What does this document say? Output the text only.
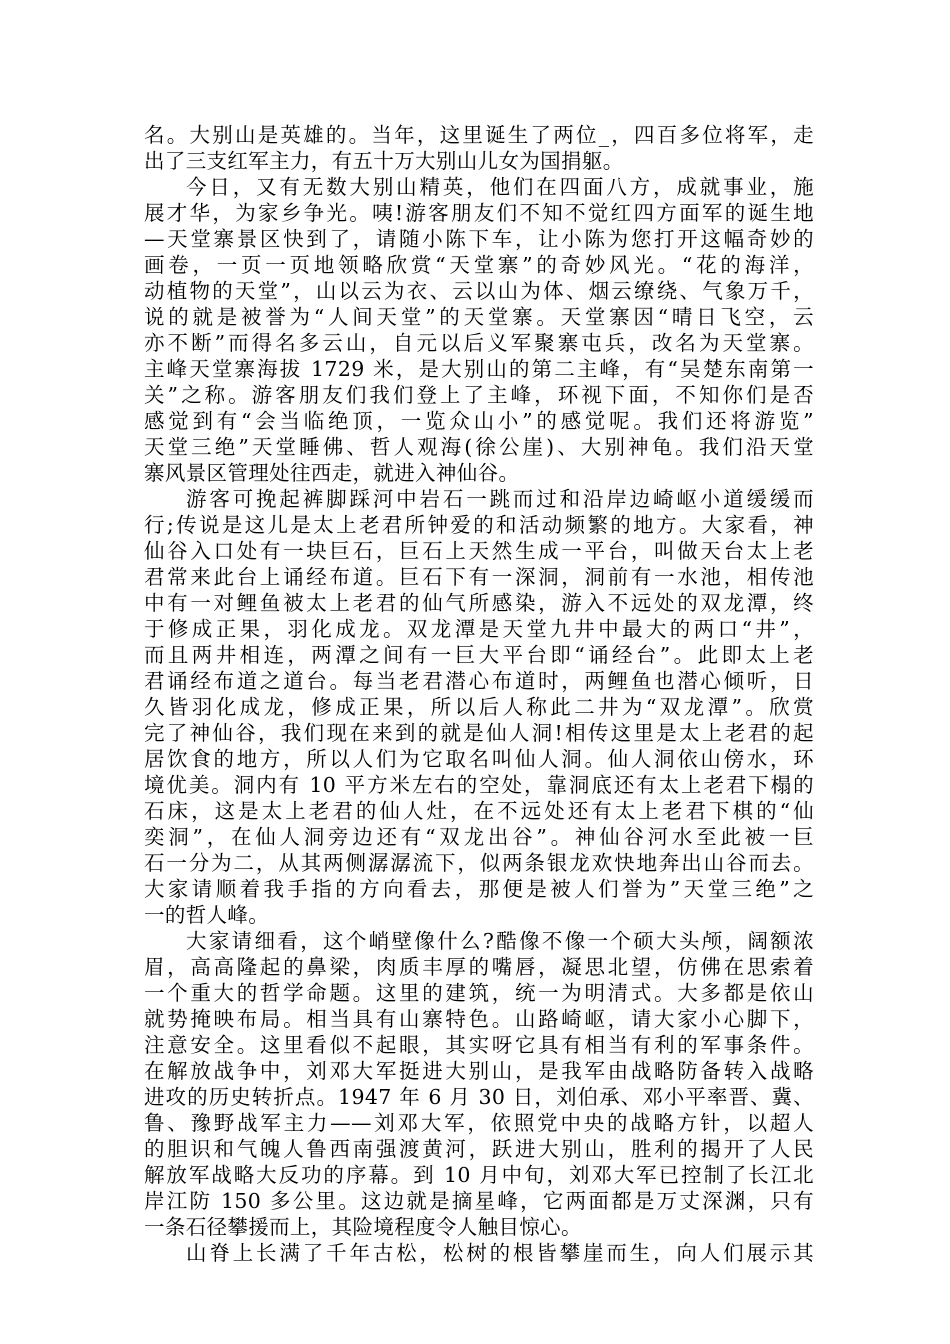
名。大别山是英雄的。当年，这里诞生了两位_，四百多位将军，走
出了三支红军主力，有五十万大别山儿女为国捐躯。
今日，又有无数大别山精英，他们在四面八方，成就事业，施
展才华，为家乡争光。咦!游客朋友们不知不觉红四方面军的诞生地
—天堂寨景区快到了，请随小陈下车，让小陈为您打开这幅奇妙的
画卷，一页一页地领略欣赏“天堂寨”的奇妙风光。“花的海洋，
动植物的天堂”，山以云为衣、云以山为体、烟云缭绕、气象万千，
说的就是被誉为“人间天堂”的天堂寨。天堂寨因“晴日飞空，云
亦不断”而得名多云山，自元以后义军聚寨屯兵，改名为天堂寨。
主峰天堂寨海拔 1729 米，是大别山的第二主峰，有“吴楚东南第一
关”之称。游客朋友们我们登上了主峰，环视下面，不知你们是否
感觉到有“会当临绝顶，一览众山小”的感觉呢。我们还将游览”
天堂三绝”天堂睡佛、哲人观海(徐公崖)、大别神龟。我们沿天堂
寨风景区管理处往西走，就进入神仙谷。
游客可挽起裤脚踩河中岩石一跳而过和沿岸边崎岖小道缓缓而
行;传说是这儿是太上老君所钟爱的和活动频繁的地方。大家看，神
仙谷入口处有一块巨石，巨石上天然生成一平台，叫做天台太上老
君常来此台上诵经布道。巨石下有一深洞，洞前有一水池，相传池
中有一对鲤鱼被太上老君的仙气所感染，游入不远处的双龙潭，终
于修成正果，羽化成龙。双龙潭是天堂九井中最大的两口“井”，
而且两井相连，两潭之间有一巨大平台即“诵经台”。此即太上老
君诵经布道之道台。每当老君潜心布道时，两鲤鱼也潜心倾听，日
久皆羽化成龙，修成正果，所以后人称此二井为“双龙潭”。欣赏
完了神仙谷，我们现在来到的就是仙人洞!相传这里是太上老君的起
居饮食的地方，所以人们为它取名叫仙人洞。仙人洞依山傍水，环
境优美。洞内有 10 平方米左右的空处，靠洞底还有太上老君下榻的
石床，这是太上老君的仙人灶，在不远处还有太上老君下棋的“仙
奕洞”，在仙人洞旁边还有“双龙出谷”。神仙谷河水至此被一巨
石一分为二，从其两侧潺潺流下，似两条银龙欢快地奔出山谷而去。
大家请顺着我手指的方向看去，那便是被人们誉为”天堂三绝”之
一的哲人峰。
大家请细看，这个峭壁像什么?酷像不像一个硕大头颅，阔额浓
眉，高高隆起的鼻梁，肉质丰厚的嘴唇，凝思北望，仿佛在思索着
一个重大的哲学命题。这里的建筑，统一为明清式。大多都是依山
就势掩映布局。相当具有山寨特色。山路崎岖，请大家小心脚下，
注意安全。这里看似不起眼，其实呀它具有相当有利的军事条件。
在解放战争中，刘邓大军挺进大别山，是我军由战略防备转入战略
进攻的历史转折点。1947 年 6 月 30 日，刘伯承、邓小平率晋、冀、
鲁、豫野战军主力——刘邓大军，依照党中央的战略方针，以超人
的胆识和气魄人鲁西南强渡黄河，跃进大别山，胜利的揭开了人民
解放军战略大反功的序幕。到 10 月中旬，刘邓大军已控制了长江北
岸江防 150 多公里。这边就是摘星峰，它两面都是万丈深渊，只有
一条石径攀援而上，其险境程度令人触目惊心。
山脊上长满了千年古松，松树的根皆攀崖而生，向人们展示其
